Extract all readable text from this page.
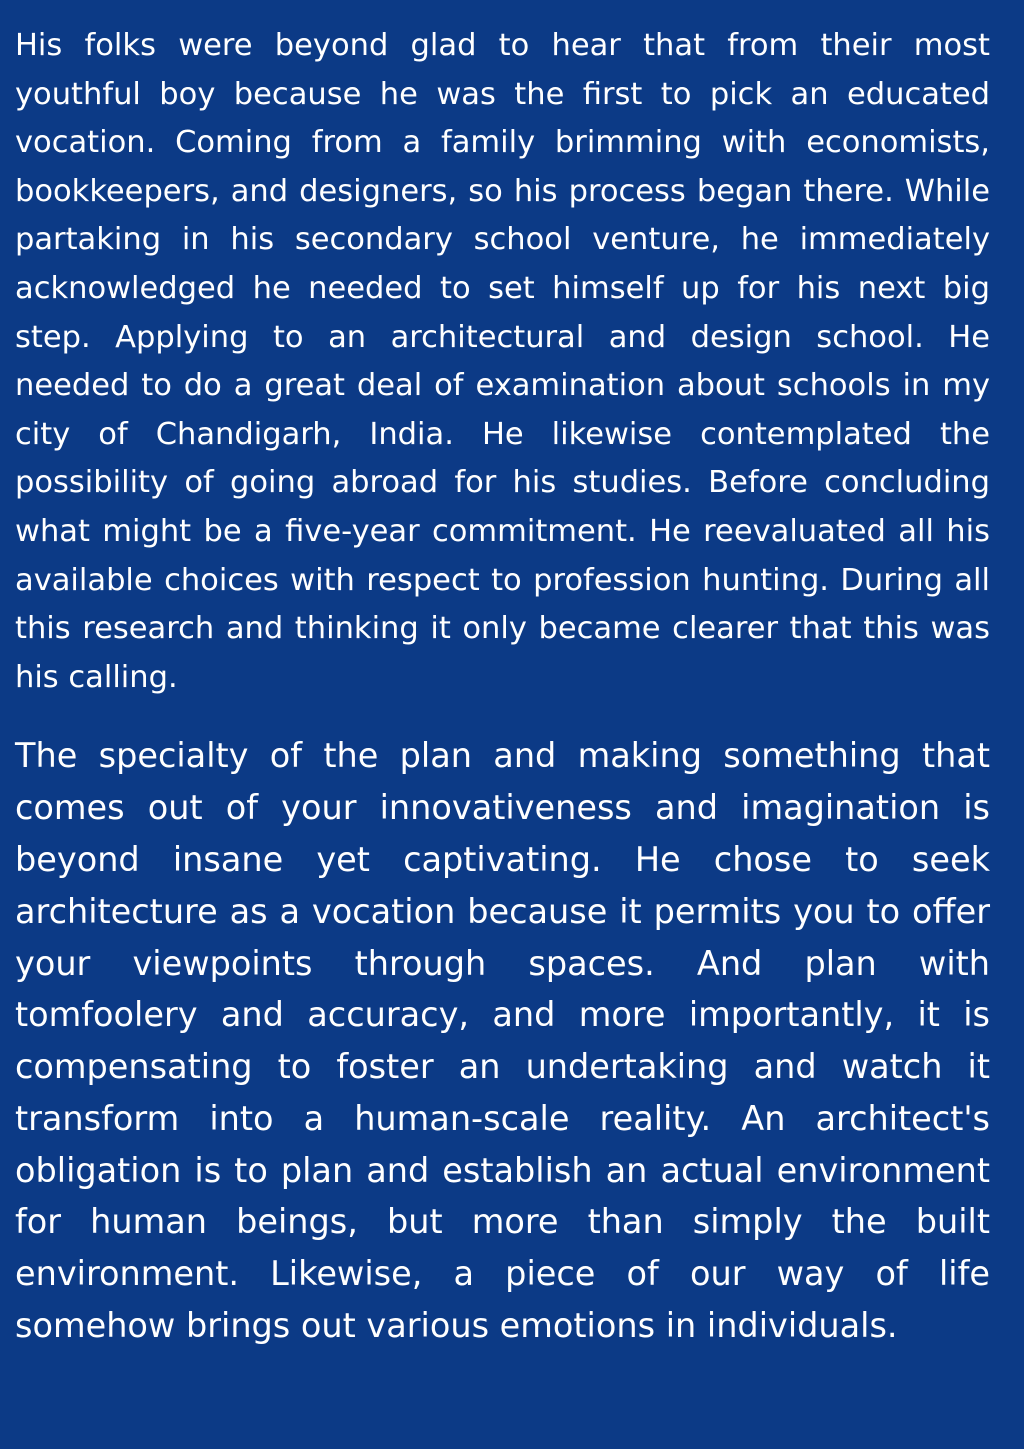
His folks were beyond glad to hear that from their most youthful boy because he was the first to pick an educated vocation. Coming from a family brimming with economists, bookkeepers, and designers, so his process began there. While partaking in his secondary school venture, he immediately acknowledged he needed to set himself up for his next big step. Applying to an architectural and design school. He needed to do a great deal of examination about schools in my city of Chandigarh, India. He likewise contemplated the possibility of going abroad for his studies. Before concluding what might be a five-year commitment. He reevaluated all his available choices with respect to profession hunting. During all this research and thinking it only became clearer that this was his calling.

The specialty of the plan and making something that comes out of your innovativeness and imagination is beyond insane yet captivating. He chose to seek architecture as a vocation because it permits you to offer your viewpoints through spaces. And plan with tomfoolery and accuracy, and more importantly, it is compensating to foster an undertaking and watch it transform into a human-scale reality. An architect's obligation is to plan and establish an actual environment for human beings, but more than simply the built environment. Likewise, a piece of our way of life somehow brings out various emotions in individuals.
